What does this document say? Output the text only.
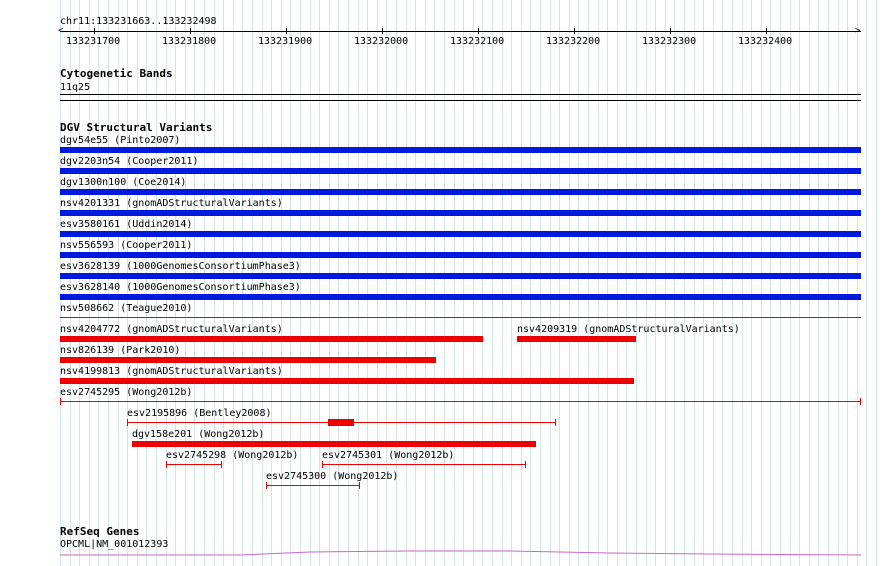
chr11:133231663..133232498
<	>
133231700	133231800	133231900	133232000	133232100	133232200	133232300	133232400
Cytogenetic Bands
11q25
DGV Structural Variants
dgv54e55 (Pinto2007)
dgv2203n54 (Cooper2011)
dgv1300n100 (Coe2014)
nsv4201331 (gnomADStructuralVariants)
esv3580161 (Uddin2014)
nsv556593 (Cooper2011)
esv3628139 (1000GenomesConsortiumPhase3)
esv3628140 (1000GenomesConsortiumPhase3)
nsv508662 (Teague2010)
nsv4204772 (gnomADStructuralVariants)	nsv4209319 (gnomADStructuralVariants)
nsv826139 (Park2010)
nsv4199813 (gnomADStructuralVariants)
esv2745295 (Wong2012b)
esv2195896 (Bentley2008)
dgv158e201 (Wong2012b)
esv2745298 (Wong2012b) esv2745301 (Wong2012b)
esv2745300 (Wong2012b)
RefSeq Genes
OPCML|NM_001012393
